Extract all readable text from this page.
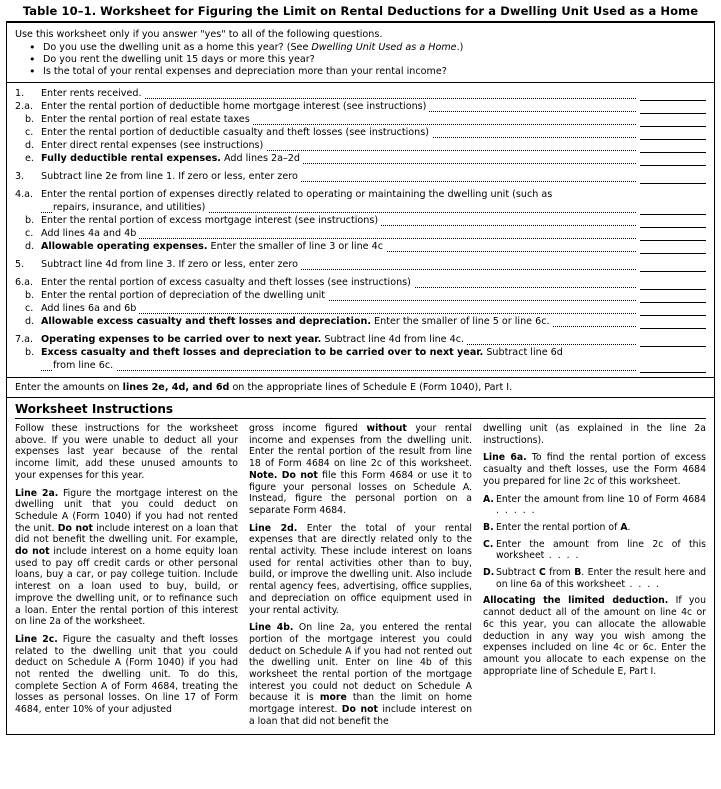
Table 10–1. Worksheet for Figuring the Limit on Rental Deductions for a Dwelling Unit Used as a Home

Use this worksheet only if you answer "yes" to all of the following questions.

• Do you use the dwelling unit as a home this year? (See Dwelling Unit Used as a Home.)
• Do you rent the dwelling unit 15 days or more this year?
• Is the total of your rental expenses and depreciation more than your rental income?
1.	Enter rents received.
2.a. Enter the rental portion of deductible home mortgage interest (see instructions)
b. Enter the rental portion of real estate taxes
c. Enter the rental portion of deductible casualty and theft losses (see instructions)
d. Enter direct rental expenses (see instructions)
e. Fully deductible rental expenses. Add lines 2a–2d
3.	Subtract line 2e from line 1. If zero or less, enter zero
4.a. Enter the rental portion of expenses directly related to operating or maintaining the dwelling unit (such as
repairs, insurance, and utilities)
b. Enter the rental portion of excess mortgage interest (see instructions)
c. Add lines 4a and 4b
d. Allowable operating expenses. Enter the smaller of line 3 or line 4c
5.	Subtract line 4d from line 3. If zero or less, enter zero
6.a. Enter the rental portion of excess casualty and theft losses (see instructions)
b. Enter the rental portion of depreciation of the dwelling unit
c. Add lines 6a and 6b
d. Allowable excess casualty and theft losses and depreciation. Enter the smaller of line 5 or line 6c.
7.a. Operating expenses to be carried over to next year. Subtract line 4d from line 4c.
b. Excess casualty and theft losses and depreciation to be carried over to next year. Subtract line 6d
from line 6c.
Enter the amounts on lines 2e, 4d, and 6d on the appropriate lines of Schedule E (Form 1040), Part I.
Worksheet Instructions

Follow these instructions for the worksheet above. If you were unable to deduct all your expenses last year because of the rental income limit, add these unused amounts to your expenses for this year.

Line 2a. Figure the mortgage interest on the dwelling unit that you could deduct on Schedule A (Form 1040) if you had not rented the unit. Do not include interest on a loan that did not benefit the dwelling unit. For example, do not include interest on a home equity loan used to pay off credit cards or other personal loans, buy a car, or pay college tuition. Include interest on a loan used to buy, build, or improve the dwelling unit, or to refinance such a loan. Enter the rental portion of this interest on line 2a of the worksheet.

Line 2c. Figure the casualty and theft losses related to the dwelling unit that you could deduct on Schedule A (Form 1040) if you had not rented the dwelling unit. To do this, complete Section A of Form 4684, treating the losses as personal losses. On line 17 of Form 4684, enter 10% of your adjusted

gross income figured without your rental income and expenses from the dwelling unit. Enter the rental portion of the result from line 18 of Form 4684 on line 2c of this worksheet. Note. Do not file this Form 4684 or use it to figure your personal losses on Schedule A. Instead, figure the personal portion on a separate Form 4684.

Line 2d. Enter the total of your rental expenses that are directly related only to the rental activity. These include interest on loans used for rental activities other than to buy, build, or improve the dwelling unit. Also include rental agency fees, advertising, office supplies, and depreciation on office equipment used in your rental activity.

Line 4b. On line 2a, you entered the rental portion of the mortgage interest you could deduct on Schedule A if you had not rented out the dwelling unit. Enter on line 4b of this worksheet the rental portion of the mortgage interest you could not deduct on Schedule A because it is more than the limit on home mortgage interest. Do not include interest on a loan that did not benefit the

dwelling unit (as explained in the line 2a instructions).

Line 6a. To find the rental portion of excess casualty and theft losses, use the Form 4684 you prepared for line 2c of this worksheet.

A. Enter the amount from line 10 of Form 4684 . . . . .
B. Enter the rental portion of A.
C. Enter the amount from line 2c of this worksheet . . . .
D. Subtract C from B. Enter the result here and on line 6a of this worksheet . . . .

Allocating the limited deduction. If you cannot deduct all of the amount on line 4c or 6c this year, you can allocate the allowable deduction in any way you wish among the expenses included on line 4c or 6c. Enter the amount you allocate to each expense on the appropriate line of Schedule E, Part I.
